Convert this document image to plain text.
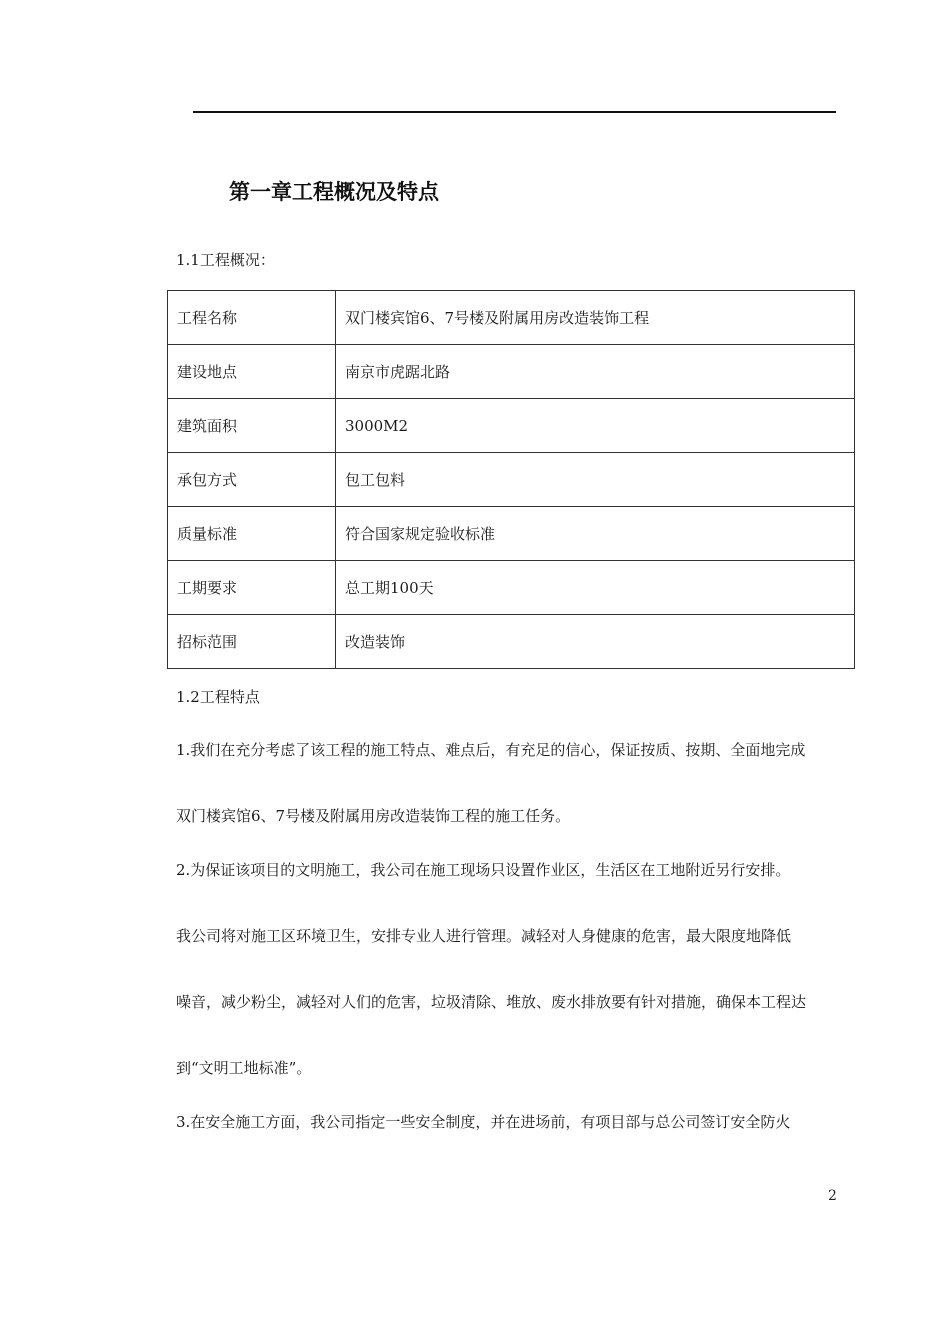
第一章工程概况及特点
1.1工程概况：
工程名称	双门楼宾馆6、7号楼及附属用房改造装饰工程
建设地点	南京市虎踞北路
建筑面积	3000M2
承包方式	包工包料
质量标准	符合国家规定验收标准
工期要求	总工期100天
招标范围	改造装饰
1.2工程特点
1.我们在充分考虑了该工程的施工特点、难点后，有充足的信心，保证按质、按期、全面地完成
双门楼宾馆6、7号楼及附属用房改造装饰工程的施工任务。
2.为保证该项目的文明施工，我公司在施工现场只设置作业区，生活区在工地附近另行安排。
我公司将对施工区环境卫生，安排专业人进行管理。减轻对人身健康的危害，最大限度地降低
噪音，减少粉尘，减轻对人们的危害，垃圾清除、堆放、废水排放要有针对措施，确保本工程达
到“文明工地标准”。
3.在安全施工方面，我公司指定一些安全制度，并在进场前，有项目部与总公司签订安全防火
2
